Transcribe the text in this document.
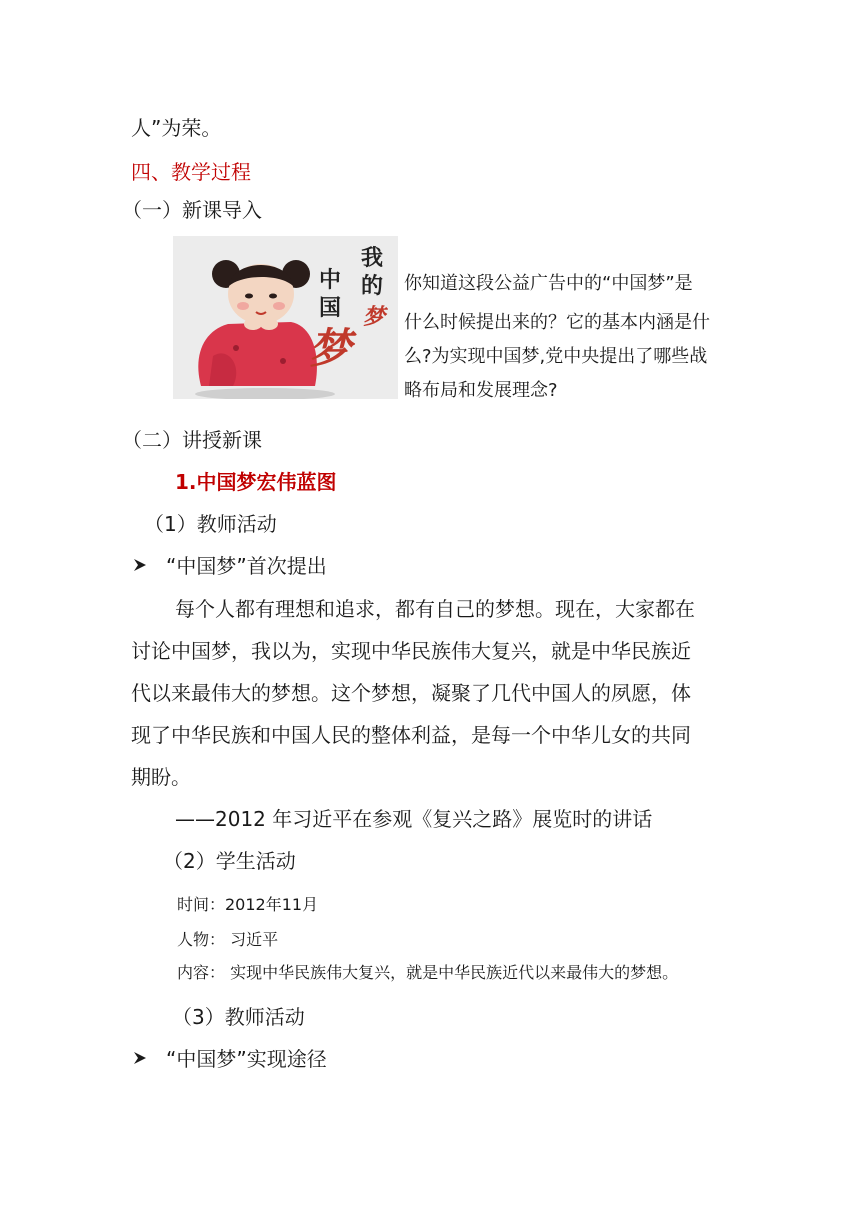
人”为荣。
四、教学过程
（一）新课导入
我的
中国 梦
梦
你知道这段公益广告中的“中国梦”是
什么时候提出来的？它的基本内涵是什
么?为实现中国梦,党中央提出了哪些战
略布局和发展理念?
（二）讲授新课
1.中国梦宏伟蓝图
（1）教师活动
“中国梦”首次提出
每个人都有理想和追求，都有自己的梦想。现在，大家都在
讨论中国梦，我以为，实现中华民族伟大复兴，就是中华民族近
代以来最伟大的梦想。这个梦想，凝聚了几代中国人的夙愿，体
现了中华民族和中国人民的整体利益，是每一个中华儿女的共同
期盼。
——2012 年习近平在参观《复兴之路》展览时的讲话
（2）学生活动
时间：2012年11月
人物： 习近平
内容： 实现中华民族伟大复兴，就是中华民族近代以来最伟大的梦想。
（3）教师活动
“中国梦”实现途径
